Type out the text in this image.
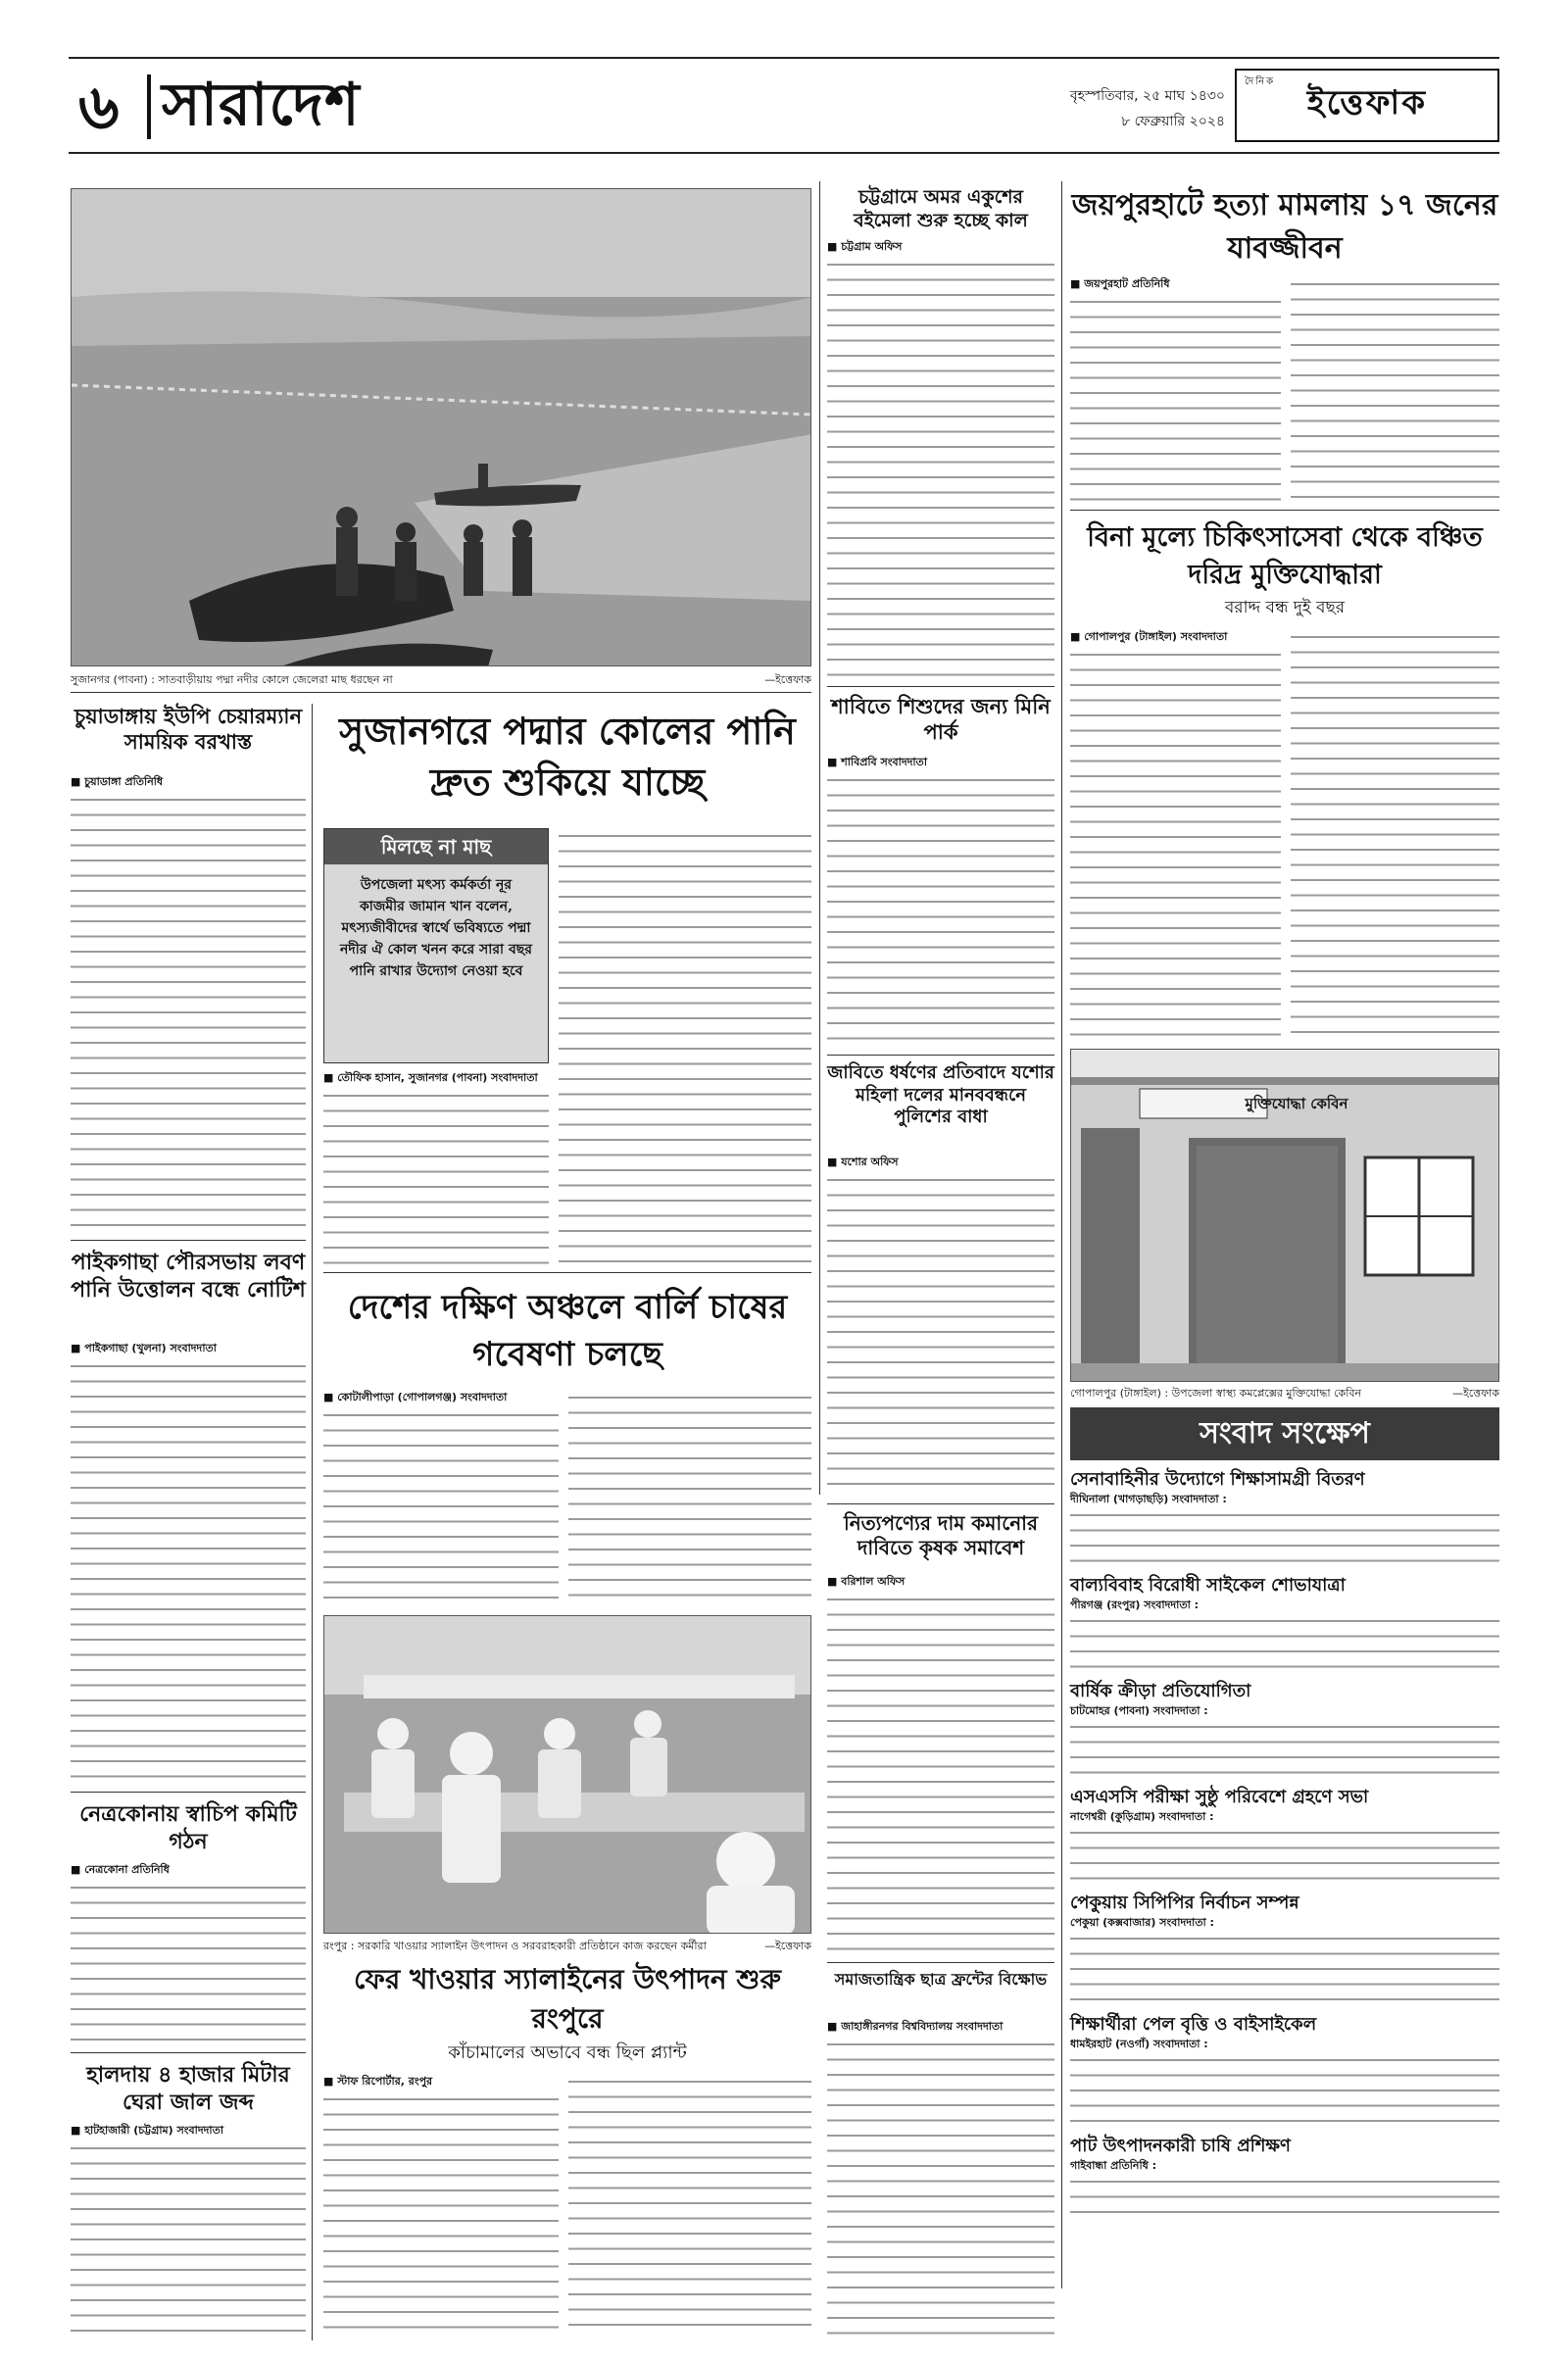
৬ সারাদেশ	বৃহস্পতিবার, ২৫ মাঘ ১৪৩০
৮ ফেব্রুয়ারি ২০২৪
দৈনিক
ইত্তেফাক
সুজানগর (পাবনা) : সাতবাড়ীয়ায় পদ্মা নদীর কোলে জেলেরা মাছ ধরছেন না	—ইত্তেফাক
চুয়াডাঙ্গায় ইউপি চেয়ারম্যান সাময়িক বরখাস্ত
■ চুয়াডাঙ্গা প্রতিনিধি
পাইকগাছা পৌরসভায় লবণ পানি উত্তোলন বন্ধে নোটিশ
■ পাইকগাছা (খুলনা) সংবাদদাতা
নেত্রকোনায় স্বাচিপ কমিটি গঠন
■ নেত্রকোনা প্রতিনিধি
হালদায় ৪ হাজার মিটার ঘেরা জাল জব্দ
■ হাটহাজারী (চট্টগ্রাম) সংবাদদাতা
সুজানগরে পদ্মার কোলের পানি দ্রুত শুকিয়ে যাচ্ছে
মিলছে না মাছ
উপজেলা মৎস্য কর্মকর্তা নূর কাজমীর জামান খান বলেন, মৎস্যজীবীদের স্বার্থে ভবিষ্যতে পদ্মা নদীর ঐ কোল খনন করে সারা বছর পানি রাখার উদ্যোগ নেওয়া হবে
■ তৌফিক হাসান, সুজানগর (পাবনা) সংবাদদাতা
দেশের দক্ষিণ অঞ্চলে বার্লি চাষের গবেষণা চলছে
■ কোটালীপাড়া (গোপালগঞ্জ) সংবাদদাতা
রংপুর : সরকারি খাওয়ার স্যালাইন উৎপাদন ও সরবরাহকারী প্রতিষ্ঠানে কাজ করছেন কর্মীরা	—ইত্তেফাক
ফের খাওয়ার স্যালাইনের উৎপাদন শুরু রংপুরে
কাঁচামালের অভাবে বন্ধ ছিল প্ল্যান্ট
■ স্টাফ রিপোর্টার, রংপুর
চট্টগ্রামে অমর একুশের বইমেলা শুরু হচ্ছে কাল
■ চট্টগ্রাম অফিস
শাবিতে শিশুদের জন্য মিনি পার্ক
■ শাবিপ্রবি সংবাদদাতা
জাবিতে ধর্ষণের প্রতিবাদে যশোর মহিলা দলের মানববন্ধনে পুলিশের বাধা
■ যশোর অফিস
নিত্যপণ্যের দাম কমানোর দাবিতে কৃষক সমাবেশ
■ বরিশাল অফিস
সমাজতান্ত্রিক ছাত্র ফ্রন্টের বিক্ষোভ
■ জাহাঙ্গীরনগর বিশ্ববিদ্যালয় সংবাদদাতা
জয়পুরহাটে হত্যা মামলায় ১৭ জনের যাবজ্জীবন
■ জয়পুরহাট প্রতিনিধি
বিনা মূল্যে চিকিৎসাসেবা থেকে বঞ্চিত দরিদ্র মুক্তিযোদ্ধারা
বরাদ্দ বন্ধ দুই বছর
■ গোপালপুর (টাঙ্গাইল) সংবাদদাতা
মুক্তিযোদ্ধা কেবিন
গোপালপুর (টাঙ্গাইল) : উপজেলা স্বাস্থ্য কমপ্লেক্সের মুক্তিযোদ্ধা কেবিন	—ইত্তেফাক
সংবাদ সংক্ষেপ
সেনাবাহিনীর উদ্যোগে শিক্ষাসামগ্রী বিতরণ
দীঘিনালা (খাগড়াছড়ি) সংবাদদাতা :
বাল্যবিবাহ বিরোধী সাইকেল শোভাযাত্রা
পীরগঞ্জ (রংপুর) সংবাদদাতা :
বার্ষিক ক্রীড়া প্রতিযোগিতা
চাটমোহর (পাবনা) সংবাদদাতা :
এসএসসি পরীক্ষা সুষ্ঠু পরিবেশে গ্রহণে সভা
নাগেশ্বরী (কুড়িগ্রাম) সংবাদদাতা :
পেকুয়ায় সিপিপির নির্বাচন সম্পন্ন
পেকুয়া (কক্সবাজার) সংবাদদাতা :
শিক্ষার্থীরা পেল বৃত্তি ও বাইসাইকেল
ধামইরহাট (নওগাঁ) সংবাদদাতা :
পাট উৎপাদনকারী চাষি প্রশিক্ষণ
গাইবান্ধা প্রতিনিধি :
